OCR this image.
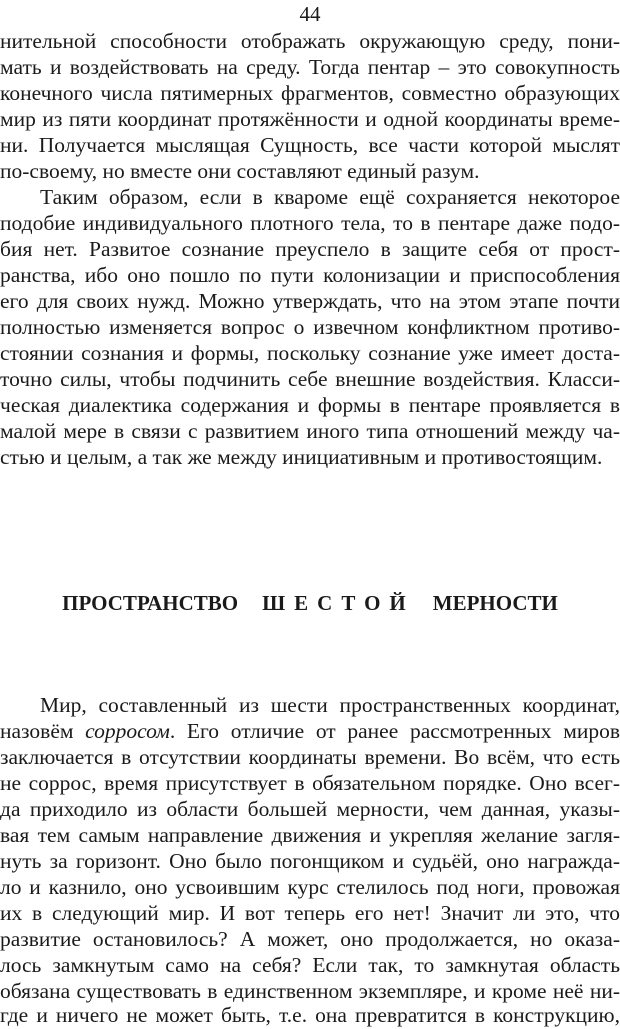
44
нительной способности отображать окружающую среду, пони-
мать и воздействовать на среду. Тогда пентар – это совокупность
конечного числа пятимерных фрагментов, совместно образующих
мир из пяти координат протяжённости и одной координаты време-
ни. Получается мыслящая Сущность, все части которой мыслят
по-своему, но вместе они составляют единый разум.
Таким образом, если в кваромe ещё сохраняется некоторое
подобие индивидуального плотного тела, то в пентаре даже подо-
бия нет. Развитое сознание преуспело в защите себя от прост-
ранства, ибо оно пошло по пути колонизации и приспособления
его для своих нужд. Можно утверждать, что на этом этапе почти
полностью изменяется вопрос о извечном конфликтном противо-
стоянии сознания и формы, поскольку сознание уже имеет доста-
точно силы, чтобы подчинить себе внешние воздействия. Класси-
ческая диалектика содержания и формы в пентаре проявляется в
малой мере в связи с развитием иного типа отношений между ча-
стью и целым, а так же между инициативным и противостоящим.
ПРОСТРАНСТВО ШЕСТОЙ МЕРНОСТИ
Мир, составленный из шести пространственных координат,
назовём соррoсом. Его отличие от ранее рассмотренных миров
заключается в отсутствии координаты времени. Во всём, что есть
не соррос, время присутствует в обязательном порядке. Оно всег-
да приходило из области большей мерности, чем данная, указы-
вая тем самым направление движения и укрепляя желание загля-
нуть за горизонт. Оно было погонщиком и судьёй, оно награжда-
ло и казнило, оно усвоившим курс стелилось под ноги, провожая
их в следующий мир. И вот теперь его нет! Значит ли это, что
развитие остановилось? А может, оно продолжается, но оказа-
лось замкнутым само на себя? Если так, то замкнутая область
обязана существовать в единственном экземпляре, и кроме неё ни-
где и ничего не может быть, т.е. она превратится в конструкцию,
